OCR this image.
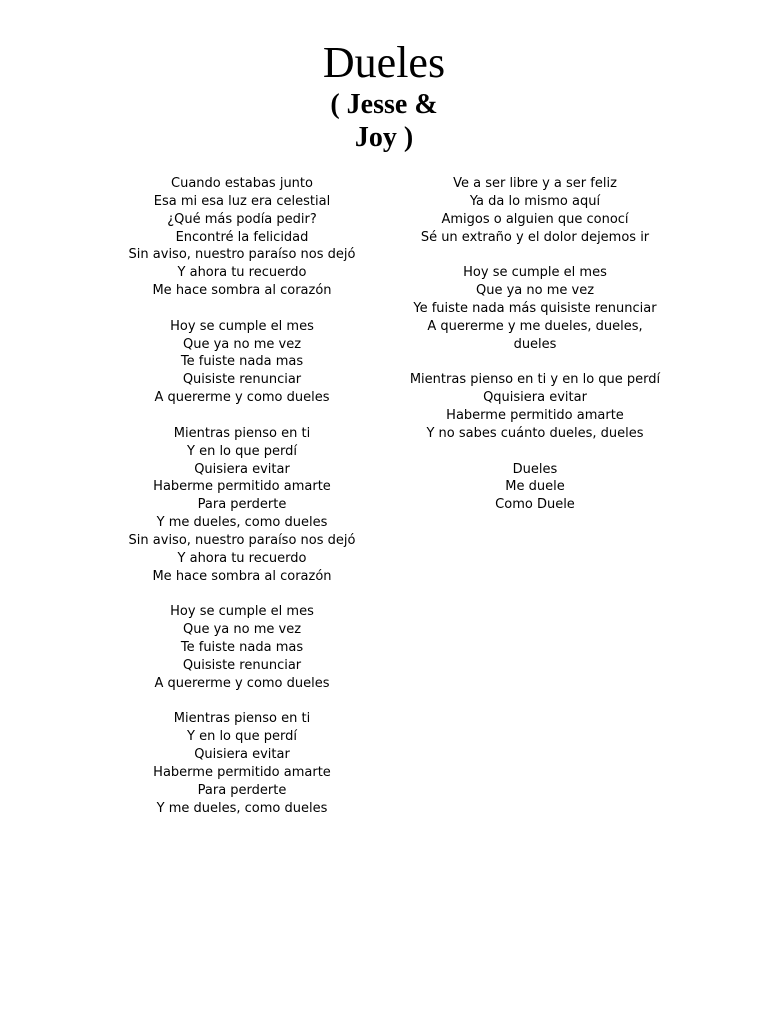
Dueles
( Jesse &
Joy )
Cuando estabas junto
Esa mi esa luz era celestial
¿Qué más podía pedir?
Encontré la felicidad
Sin aviso, nuestro paraíso nos dejó
Y ahora tu recuerdo
Me hace sombra al corazón
Hoy se cumple el mes
Que ya no me vez
Te fuiste nada mas
Quisiste renunciar
A quererme y como dueles
Mientras pienso en ti
Y en lo que perdí
Quisiera evitar
Haberme permitido amarte
Para perderte
Y me dueles, como dueles
Sin aviso, nuestro paraíso nos dejó
Y ahora tu recuerdo
Me hace sombra al corazón
Hoy se cumple el mes
Que ya no me vez
Te fuiste nada mas
Quisiste renunciar
A quererme y como dueles
Mientras pienso en ti
Y en lo que perdí
Quisiera evitar
Haberme permitido amarte
Para perderte
Y me dueles, como dueles
Ve a ser libre y a ser feliz
Ya da lo mismo aquí
Amigos o alguien que conocí
Sé un extraño y el dolor dejemos ir
Hoy se cumple el mes
Que ya no me vez
Ye fuiste nada más quisiste renunciar
A quererme y me dueles, dueles,
dueles
Mientras pienso en ti y en lo que perdí
Qquisiera evitar
Haberme permitido amarte
Y no sabes cuánto dueles, dueles
Dueles
Me duele
Como Duele
